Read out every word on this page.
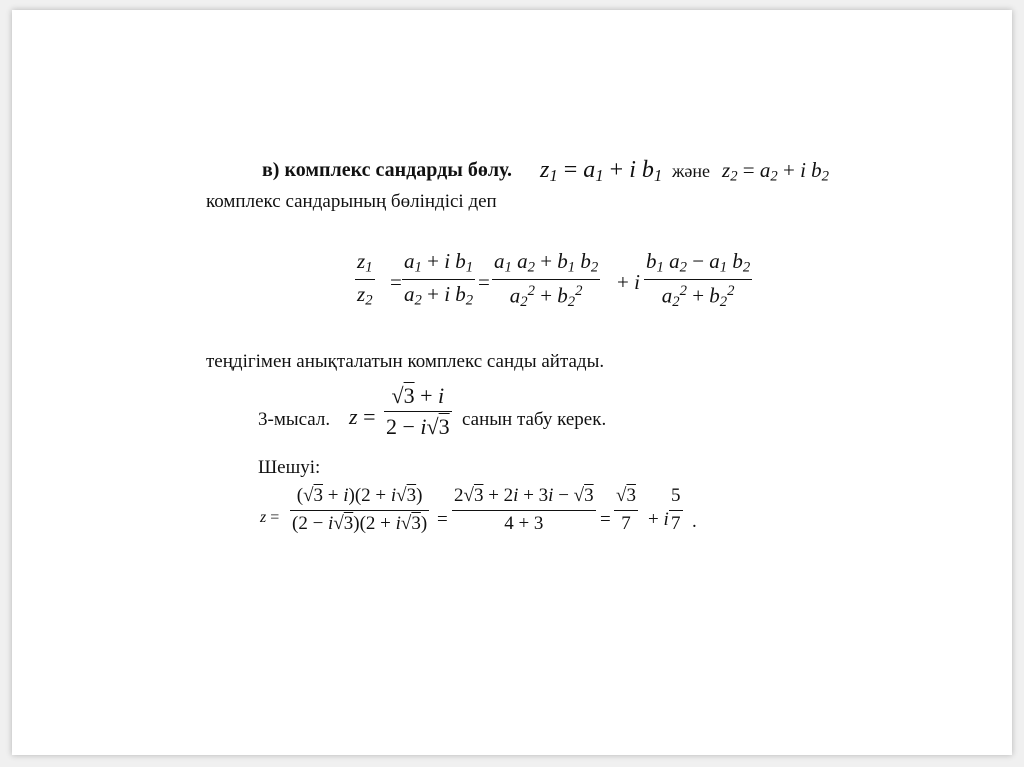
в) комплекс сандарды бөлу. $z_1 = a_1 + i$ $b_1$ және $z_2 = a_2 + i$ $b_2$
комплекс сандарының бөліндісі деп
$z_1$
$z_2$
=
$a_1 + i$ $b_1$
$a_2 + i$ $b_2$
=
$a_1$ $a_2 + b_1$ $b_2$
$a_2^2 + b_2^2 + i$
$b_1$ $a_2 - a_1$ $b_2$
$a_2^2 + b_2^2$
теңдігімен анықталатын комплекс санды айтады.
3-мысал. z =
√3 + i
2 − i√3 санын табу керек.
Шешуі:
z =
(√3 + i)(2 + i√3)
(2 − i√3)(2 + i√3) =
2√3 + 2i + 3i − √3
4 + 3	=
√3
7 + i
5
7 .
